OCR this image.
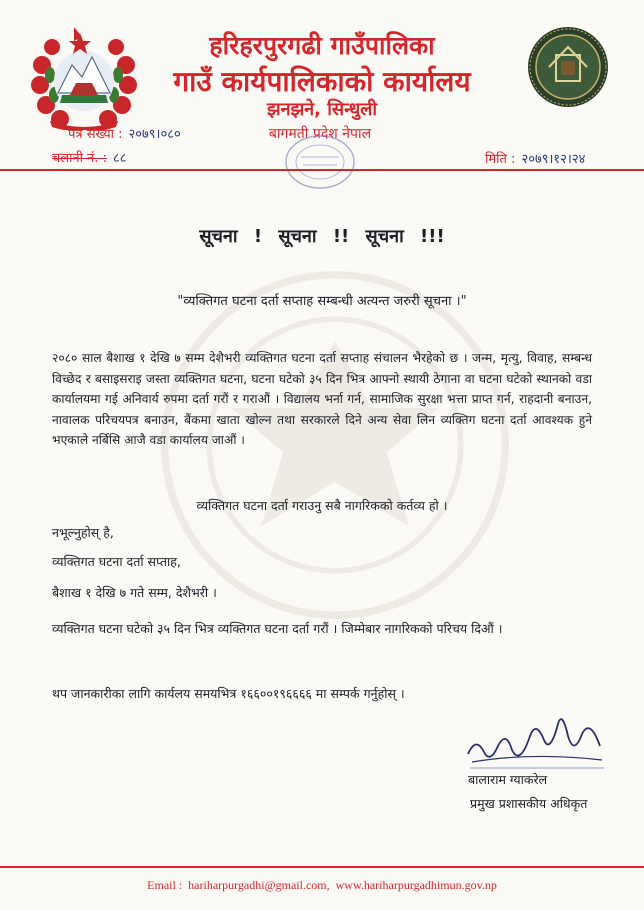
हरिहरपुरगढी गाउँपालिका
गाउँ कार्यपालिकाको कार्यालय
झनझने, सिन्धुली
बागमती प्रदेश नेपाल
पत्र संख्या : २०७९।०८०
चलानी नं. : ८८	मिति : २०७९।१२।२४
सूचना ! सूचना !! सूचना !!!
"व्यक्तिगत घटना दर्ता सप्ताह सम्बन्धी अत्यन्त जरुरी सूचना ।"

२०८० साल बैशाख १ देखि ७ सम्म देशैभरी व्यक्तिगत घटना दर्ता सप्ताह संचालन भैरहेको छ । जन्म, मृत्यु, विवाह, सम्बन्ध विच्छेद र बसाइसराइ जस्ता व्यक्तिगत घटना, घटना घटेको ३५ दिन भित्र आफ्नो स्थायी ठेगाना वा घटना घटेको स्थानको वडा कार्यालयमा गई अनिवार्य रुपमा दर्ता गरौं र गराऔं । विद्यालय भर्ना गर्न, सामाजिक सुरक्षा भत्ता प्राप्त गर्न, राहदानी बनाउन, नावालक परिचयपत्र बनाउन, बैंकमा खाता खोल्न तथा सरकारले दिने अन्य सेवा लिन व्यक्तिग घटना दर्ता आवश्यक हुने भएकाले नर्बिसि आजै वडा कार्यालय जाऔं ।

व्यक्तिगत घटना दर्ता गराउनु सबै नागरिकको कर्तव्य हो ।
नभूल्नुहोस् है,
व्यक्तिगत घटना दर्ता सप्ताह,
बैशाख १ देखि ७ गते सम्म, देशैभरी ।
व्यक्तिगत घटना घटेको ३५ दिन भित्र व्यक्तिगत घटना दर्ता गरौं । जिम्मेबार नागरिकको परिचय दिऔं ।
थप जानकारीका लागि कार्यलय समयभित्र १६६००१९६६६६ मा सम्पर्क गर्नुहोस् ।
बालाराम ग्याकरेल
प्रमुख प्रशासकीय अधिकृत
Email : hariharpurgadhi@gmail.com, www.hariharpurgadhimun.gov.np
